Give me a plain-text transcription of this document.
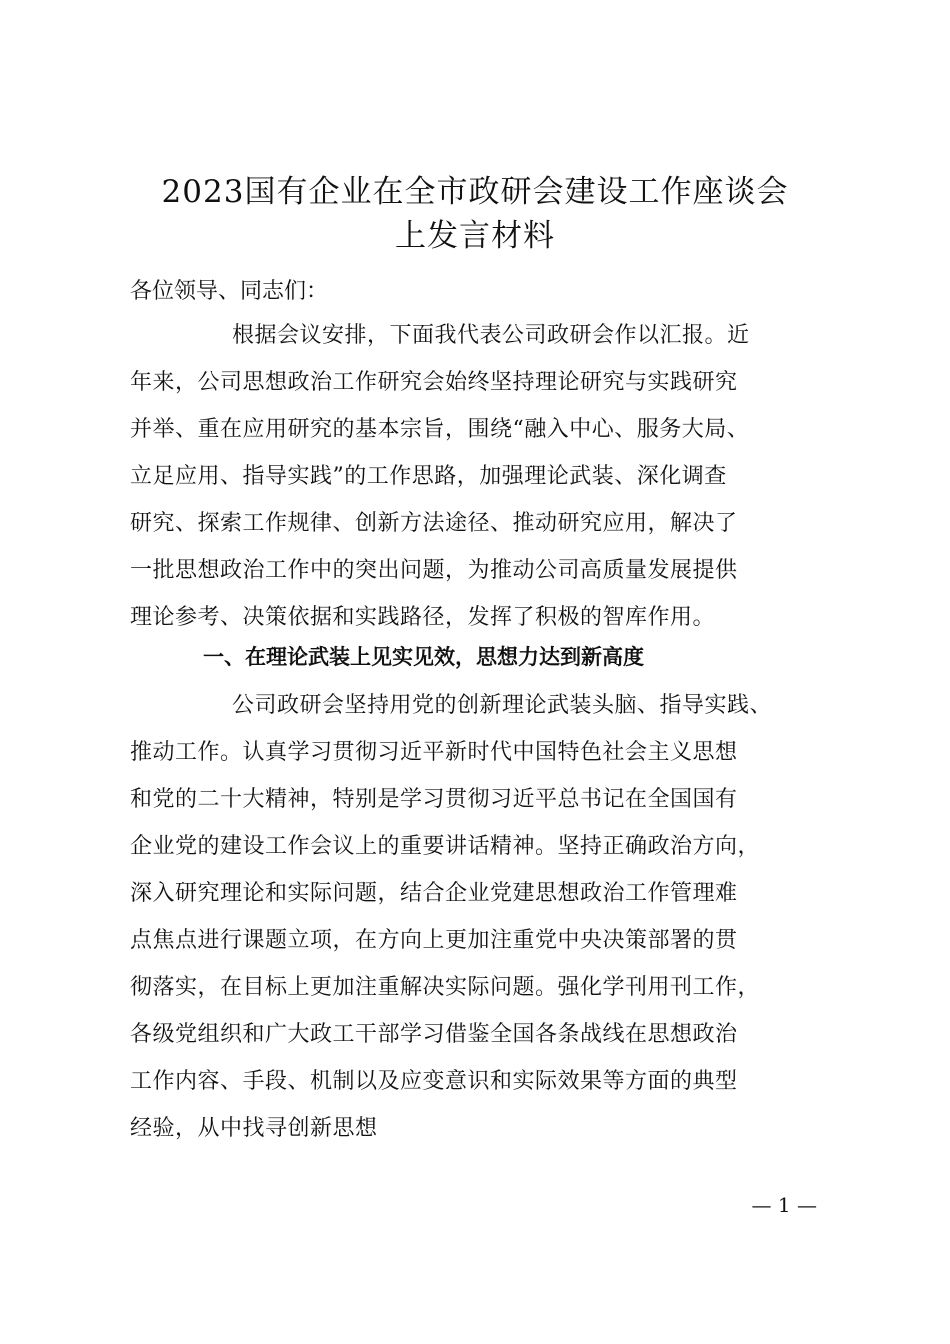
2023国有企业在全市政研会建设工作座谈会
上发言材料

各位领导、同志们：

根据会议安排，下面我代表公司政研会作以汇报。近
年来，公司思想政治工作研究会始终坚持理论研究与实践研究
并举、重在应用研究的基本宗旨，围绕“融入中心、服务大局、
立足应用、指导实践”的工作思路，加强理论武装、深化调查
研究、探索工作规律、创新方法途径、推动研究应用，解决了
一批思想政治工作中的突出问题，为推动公司高质量发展提供
理论参考、决策依据和实践路径，发挥了积极的智库作用。

一、在理论武装上见实见效，思想力达到新高度

公司政研会坚持用党的创新理论武装头脑、指导实践、
推动工作。认真学习贯彻习近平新时代中国特色社会主义思想
和党的二十大精神，特别是学习贯彻习近平总书记在全国国有
企业党的建设工作会议上的重要讲话精神。坚持正确政治方向，
深入研究理论和实际问题，结合企业党建思想政治工作管理难
点焦点进行课题立项，在方向上更加注重党中央决策部署的贯
彻落实，在目标上更加注重解决实际问题。强化学刊用刊工作，
各级党组织和广大政工干部学习借鉴全国各条战线在思想政治
工作内容、手段、机制以及应变意识和实际效果等方面的典型
经验，从中找寻创新思想

— 1 —
